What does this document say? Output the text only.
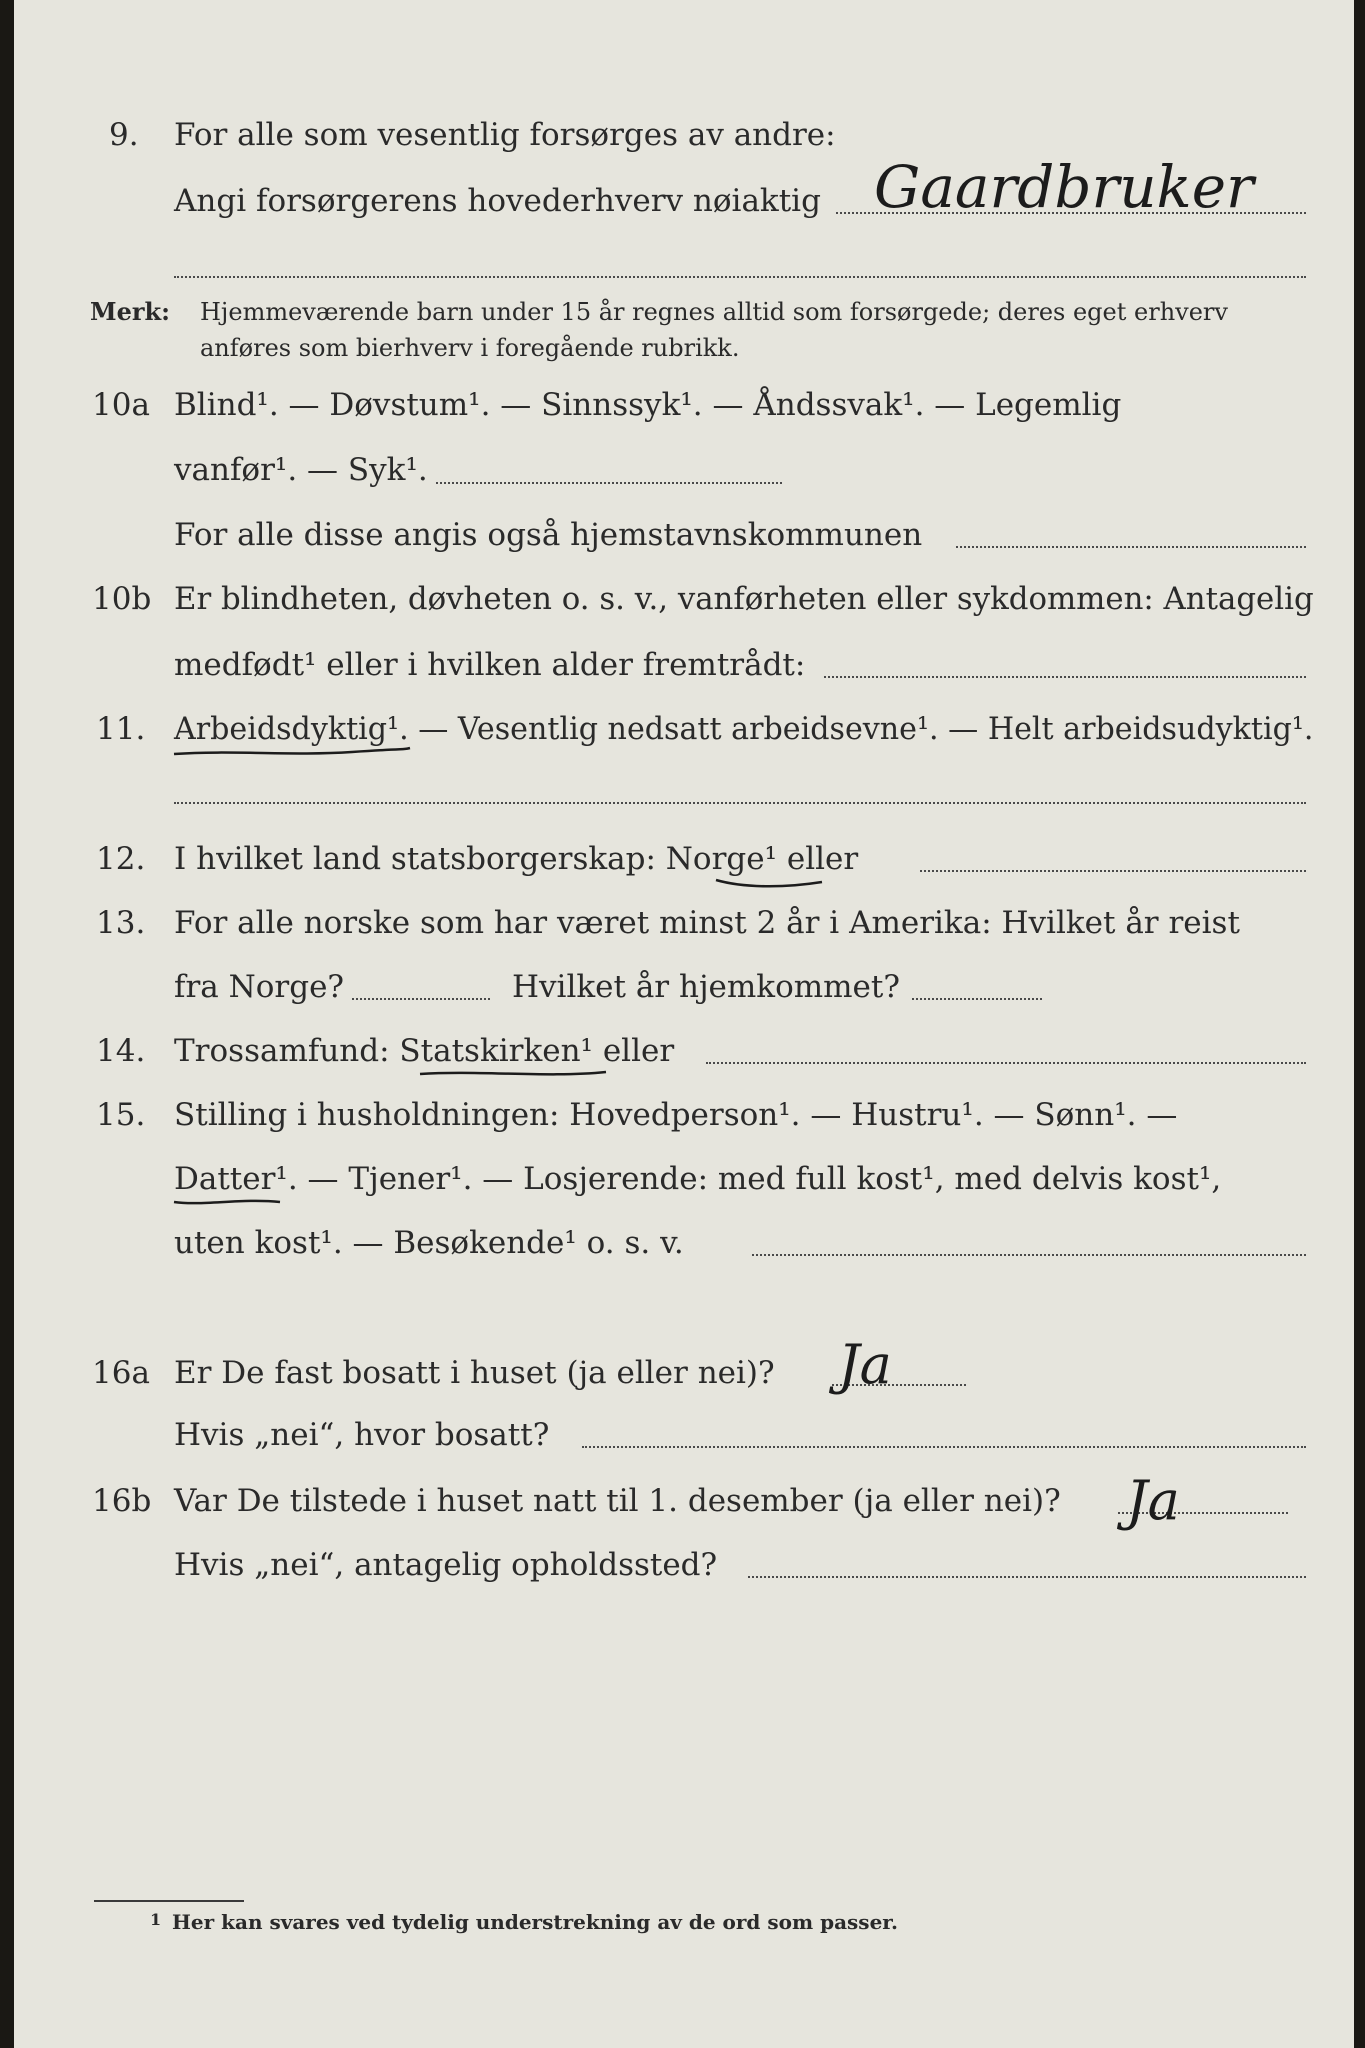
9. For alle som vesentlig forsørges av andre:
Angi forsørgerens hovederhverv nøiaktig Gaardbruker
Merk: Hjemmeværende barn under 15 år regnes alltid som forsørgede; deres eget erhverv
anføres som bierhverv i foregående rubrikk.
10a Blind¹. — Døvstum¹. — Sinnssyk¹. — Åndssvak¹. — Legemlig
vanfør¹. — Syk¹.
For alle disse angis også hjemstavnskommunen
10b Er blindheten, døvheten o. s. v., vanførheten eller sykdommen: Antagelig
medfødt¹ eller i hvilken alder fremtrådt:
11. Arbeidsdyktig¹. — Vesentlig nedsatt arbeidsevne¹. — Helt arbeidsudyktig¹.
12. I hvilket land statsborgerskap: Norge¹ eller
13. For alle norske som har været minst 2 år i Amerika: Hvilket år reist
fra Norge?	Hvilket år hjemkommet?
14. Trossamfund: Statskirken¹ eller
15. Stilling i husholdningen: Hovedperson¹. — Hustru¹. — Sønn¹. —
Datter¹. — Tjener¹. — Losjerende: med full kost¹, med delvis kost¹,
uten kost¹. — Besøkende¹ o. s. v.
16a Er De fast bosatt i huset (ja eller nei)? Ja
Hvis „nei“, hvor bosatt?
16b Var De tilstede i huset natt til 1. desember (ja eller nei)? Ja
Hvis „nei“, antagelig opholdssted?
1 Her kan svares ved tydelig understrekning av de ord som passer.
